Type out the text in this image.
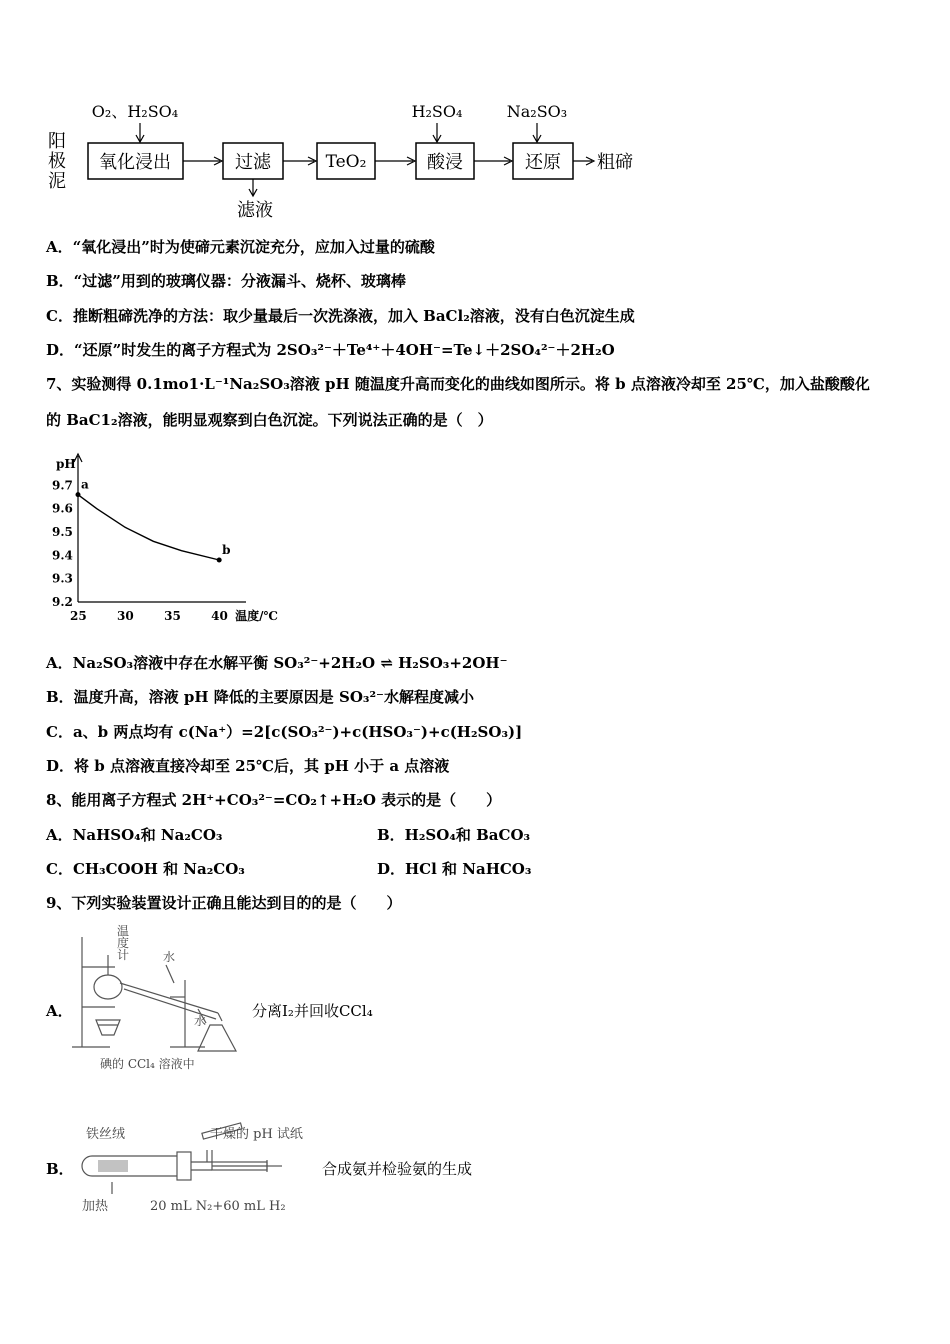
阳
极
泥
氧化浸出
O₂、H₂SO₄
过滤
滤液
TeO₂	酸浸
H₂SO₄
还原
Na₂SO₃
粗碲
A．“氧化浸出”时为使碲元素沉淀充分，应加入过量的硫酸
B．“过滤”用到的玻璃仪器：分液漏斗、烧杯、玻璃棒
C．推断粗碲洗净的方法：取少量最后一次洗涤液，加入 BaCl₂溶液，没有白色沉淀生成
D．“还原”时发生的离子方程式为 2SO₃²⁻＋Te⁴⁺＋4OH⁻=Te↓＋2SO₄²⁻＋2H₂O
7、实验测得 0.1mo1·L⁻¹Na₂SO₃溶液 pH 随温度升高而变化的曲线如图所示。将 b 点溶液冷却至 25℃，加入盐酸酸化
的 BaC1₂溶液，能明显观察到白色沉淀。下列说法正确的是（　）
pH
9.7
9.6
9.5
9.4
9.3
9.2
25	30	35	40 温度/℃
a
b
A．Na₂SO₃溶液中存在水解平衡 SO₃²⁻+2H₂O ⇌ H₂SO₃+2OH⁻
B．温度升高，溶液 pH 降低的主要原因是 SO₃²⁻水解程度减小
C．a、b 两点均有 c(Na⁺）=2[c(SO₃²⁻)+c(HSO₃⁻)+c(H₂SO₃)]
D．将 b 点溶液直接冷却至 25℃后，其 pH 小于 a 点溶液
8、能用离子方程式 2H⁺+CO₃²⁻=CO₂↑+H₂O 表示的是（　　）
A．NaHSO₄和 Na₂CO₃	B．H₂SO₄和 BaCO₃
C．CH₃COOH 和 Na₂CO₃	D．HCl 和 NaHCO₃
9、下列实验装置设计正确且能达到目的的是（　　）
A．
温
度
计	水
水
碘的 CCl₄ 溶液中
分离I₂并回收CCl₄
B．
铁丝绒	干燥的 pH 试纸
加热	20 mL N₂+60 mL H₂
合成氨并检验氨的生成
